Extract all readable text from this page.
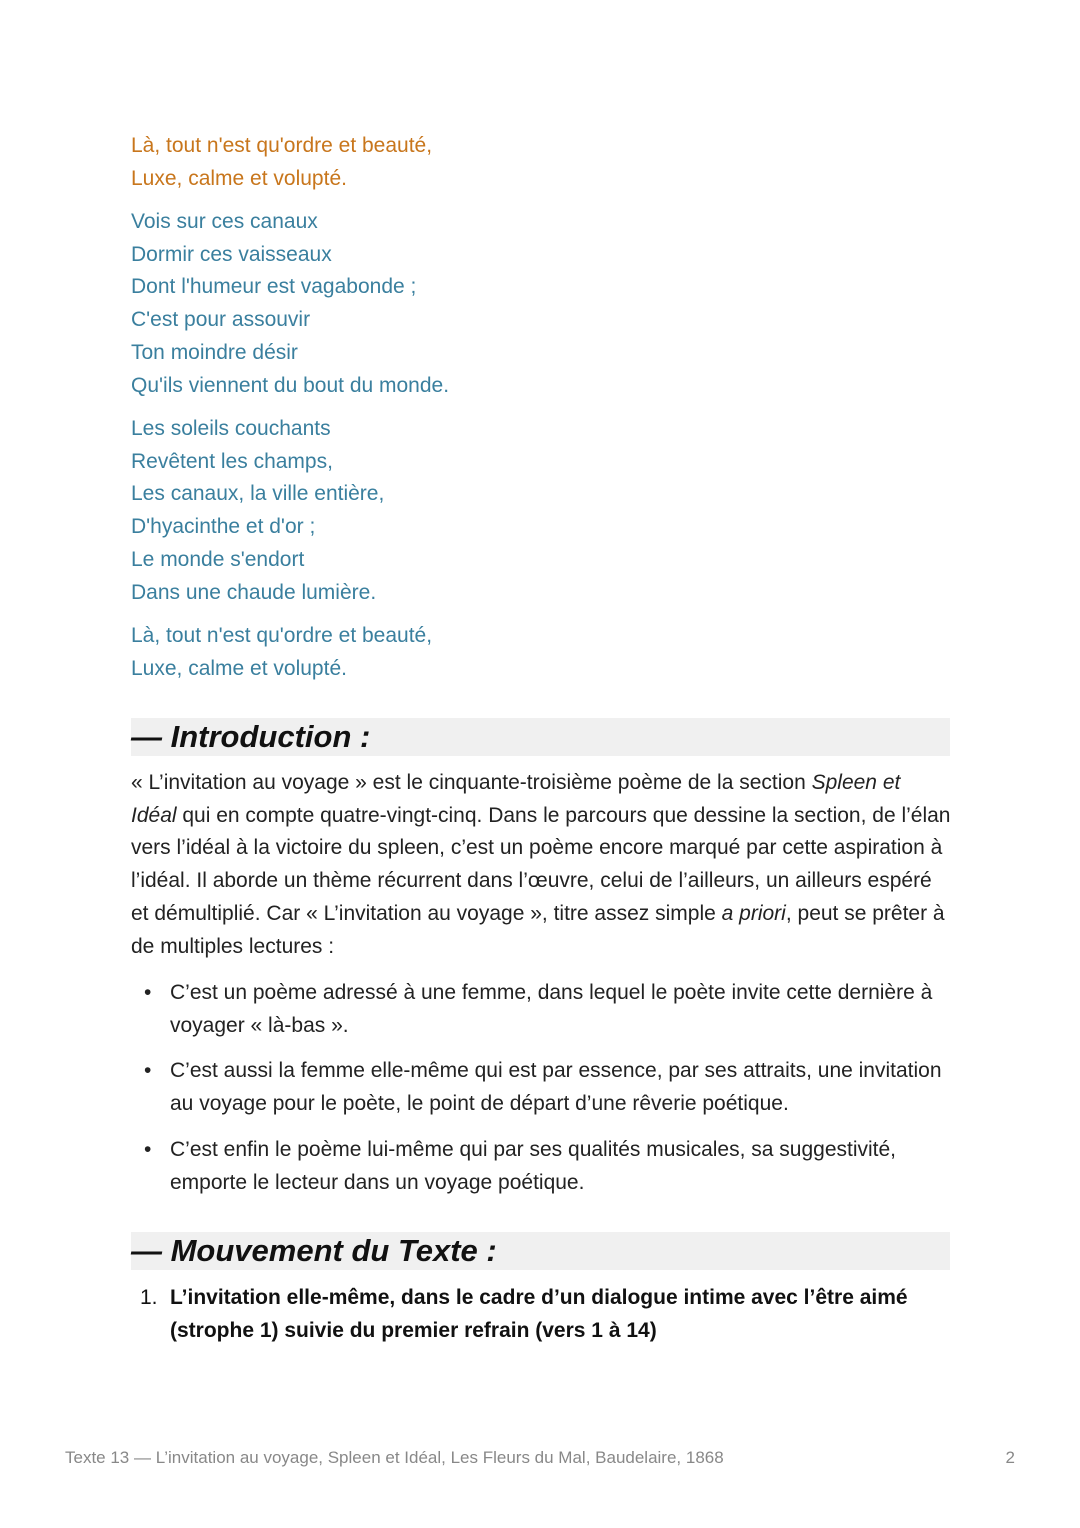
Là, tout n'est qu'ordre et beauté,
Luxe, calme et volupté.
Vois sur ces canaux
Dormir ces vaisseaux
Dont l'humeur est vagabonde ;
C'est pour assouvir
Ton moindre désir
Qu'ils viennent du bout du monde.
Les soleils couchants
Revêtent les champs,
Les canaux, la ville entière,
D'hyacinthe et d'or ;
Le monde s'endort
Dans une chaude lumière.
Là, tout n'est qu'ordre et beauté,
Luxe, calme et volupté.
— Introduction :
« L’invitation au voyage » est le cinquante-troisième poème de la section Spleen et Idéal qui en compte quatre-vingt-cinq. Dans le parcours que dessine la section, de l’élan vers l’idéal à la victoire du spleen, c’est un poème encore marqué par cette aspiration à l’idéal. Il aborde un thème récurrent dans l’œuvre, celui de l’ailleurs, un ailleurs espéré et démultiplié. Car « L’invitation au voyage », titre assez simple a priori, peut se prêter à de multiples lectures :
• C’est un poème adressé à une femme, dans lequel le poète invite cette dernière à voyager « là-bas ».
• C’est aussi la femme elle-même qui est par essence, par ses attraits, une invitation au voyage pour le poète, le point de départ d’une rêverie poétique.
• C’est enfin le poème lui-même qui par ses qualités musicales, sa suggestivité, emporte le lecteur dans un voyage poétique.
— Mouvement du Texte :
1. L’invitation elle-même, dans le cadre d’un dialogue intime avec l’être aimé (strophe 1) suivie du premier refrain (vers 1 à 14)
Texte 13 — L’invitation au voyage, Spleen et Idéal, Les Fleurs du Mal, Baudelaire, 1868	2
